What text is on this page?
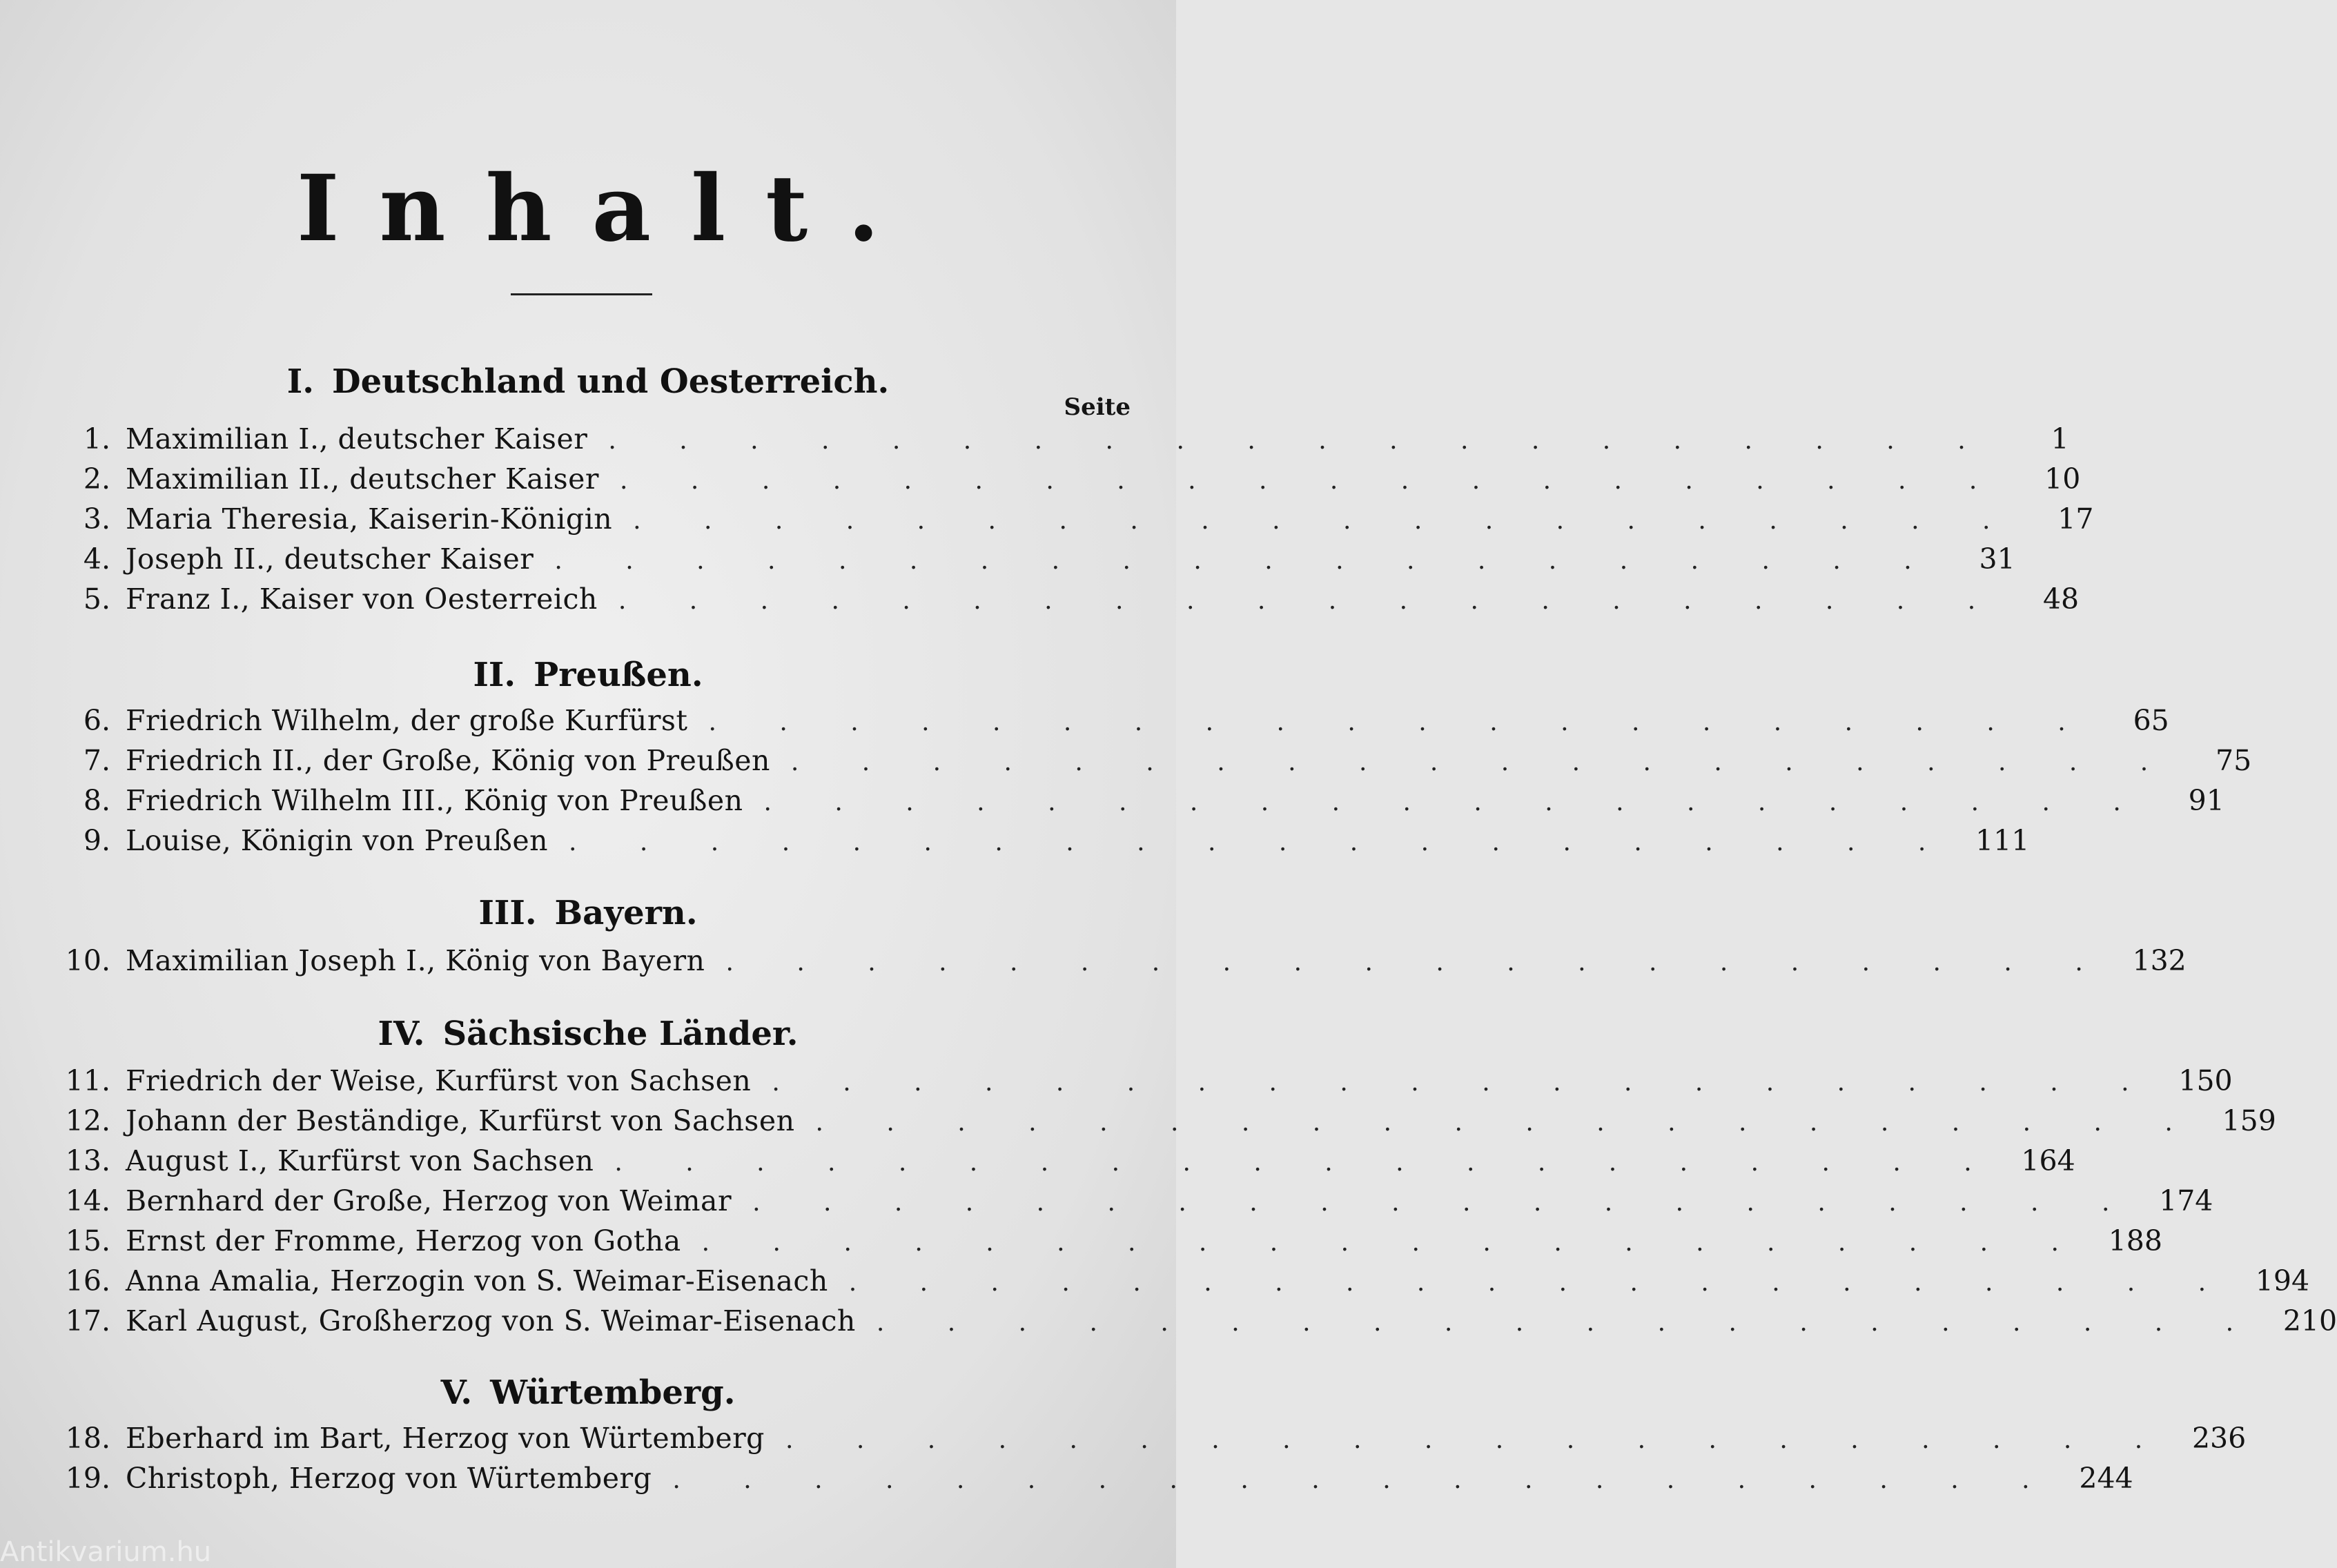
Inhalt.
I. Deutschland und Oesterreich.
Seite
1. Maximilian I., deutscher Kaiser . . . . . . . . . . . . . . . . . . . .	1
2. Maximilian II., deutscher Kaiser . . . . . . . . . . . . . . . . . . . .	10
3. Maria Theresia, Kaiserin-Königin . . . . . . . . . . . . . . . . . . . .	17
4. Joseph II., deutscher Kaiser . . . . . . . . . . . . . . . . . . . .	31
5. Franz I., Kaiser von Oesterreich . . . . . . . . . . . . . . . . . . . .	48
II. Preußen.
6. Friedrich Wilhelm, der große Kurfürst . . . . . . . . . . . . . . . . . . . .	65
7. Friedrich II., der Große, König von Preußen . . . . . . . . . . . . . . . . . . . .	75
8. Friedrich Wilhelm III., König von Preußen . . . . . . . . . . . . . . . . . . . .	91
9. Louise, Königin von Preußen . . . . . . . . . . . . . . . . . . . . 111
III. Bayern.
10. Maximilian Joseph I., König von Bayern . . . . . . . . . . . . . . . . . . . . 132
IV. Sächsische Länder.
11. Friedrich der Weise, Kurfürst von Sachsen . . . . . . . . . . . . . . . . . . . . 150
12. Johann der Beständige, Kurfürst von Sachsen . . . . . . . . . . . . . . . . . . . . 159
13. August I., Kurfürst von Sachsen . . . . . . . . . . . . . . . . . . . . 164
14. Bernhard der Große, Herzog von Weimar . . . . . . . . . . . . . . . . . . . . 174
15. Ernst der Fromme, Herzog von Gotha . . . . . . . . . . . . . . . . . . . . 188
16. Anna Amalia, Herzogin von S. Weimar-Eisenach . . . . . . . . . . . . . . . . . . . . 194
17. Karl August, Großherzog von S. Weimar-Eisenach . . . . . . . . . . . . . . . . . . . . 210
V. Würtemberg.
18. Eberhard im Bart, Herzog von Würtemberg . . . . . . . . . . . . . . . . . . . . 236
19. Christoph, Herzog von Würtemberg . . . . . . . . . . . . . . . . . . . . 244
Antikvarium.hu
